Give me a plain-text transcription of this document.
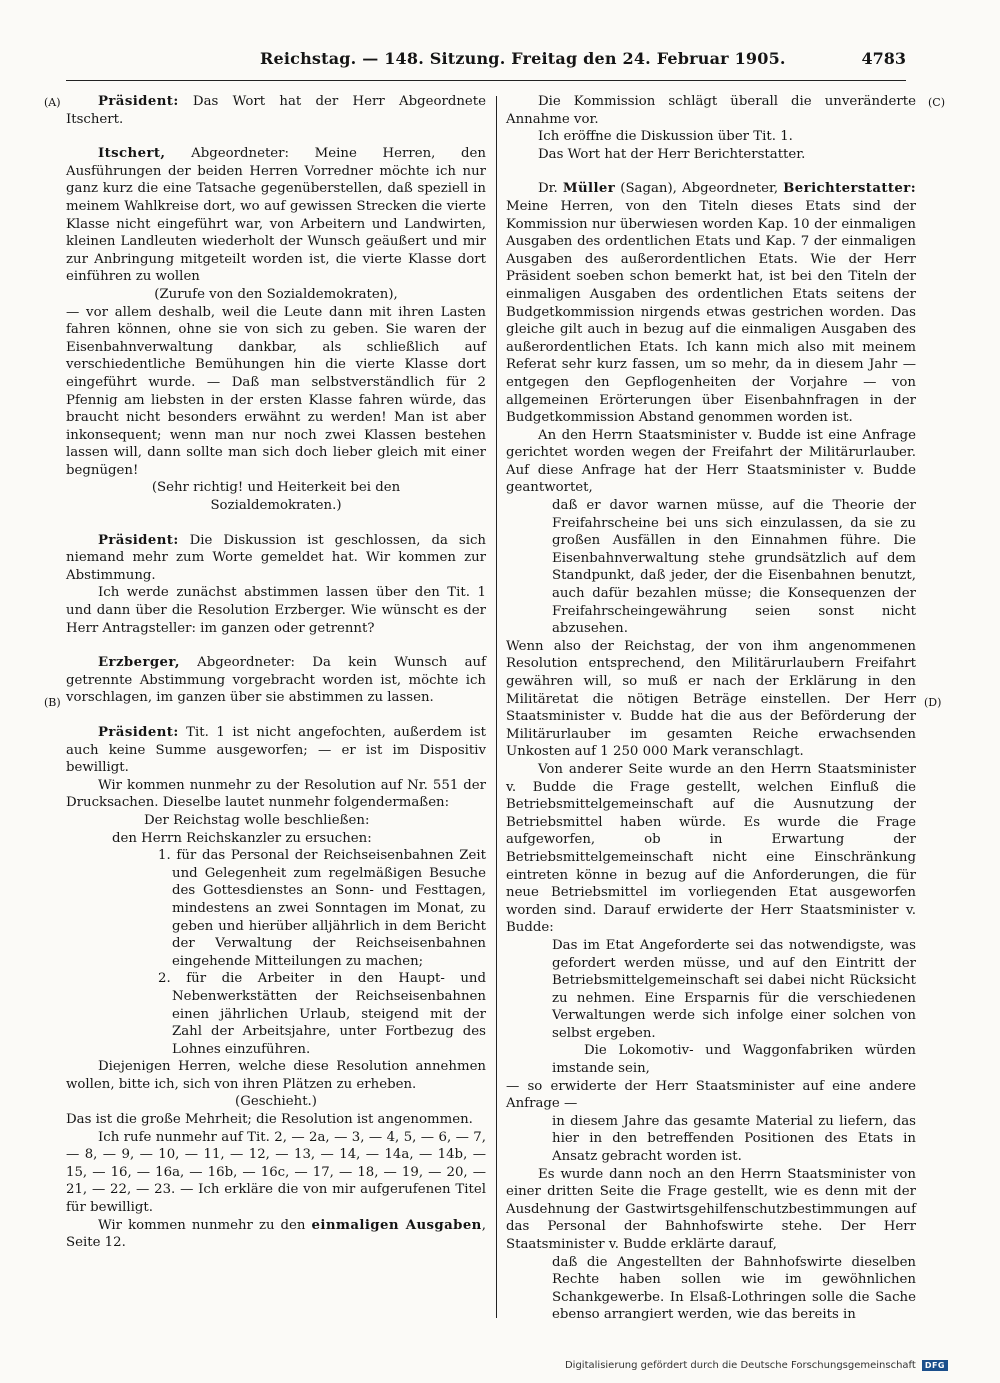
Reichstag. — 148. Sitzung. Freitag den 24. Februar 1905.	4783
(A)
(B)
(C)
(D)

Präsident: Das Wort hat der Herr Abgeordnete Itschert.

Itschert, Abgeordneter: Meine Herren, den Ausführungen der beiden Herren Vorredner möchte ich nur ganz kurz die eine Tatsache gegenüberstellen, daß speziell in meinem Wahlkreise dort, wo auf gewissen Strecken die vierte Klasse nicht eingeführt war, von Arbeitern und Landwirten, kleinen Landleuten wiederholt der Wunsch geäußert und mir zur Anbringung mitgeteilt worden ist, die vierte Klasse dort einführen zu wollen

(Zurufe von den Sozialdemokraten),

— vor allem deshalb, weil die Leute dann mit ihren Lasten fahren können, ohne sie von sich zu geben. Sie waren der Eisenbahnverwaltung dankbar, als schließlich auf verschiedentliche Bemühungen hin die vierte Klasse dort eingeführt wurde. — Daß man selbstverständlich für 2 Pfennig am liebsten in der ersten Klasse fahren würde, das braucht nicht besonders erwähnt zu werden! Man ist aber inkonsequent; wenn man nur noch zwei Klassen bestehen lassen will, dann sollte man sich doch lieber gleich mit einer begnügen!

(Sehr richtig! und Heiterkeit bei den Sozialdemokraten.)

Präsident: Die Diskussion ist geschlossen, da sich niemand mehr zum Worte gemeldet hat. Wir kommen zur Abstimmung.

Ich werde zunächst abstimmen lassen über den Tit. 1 und dann über die Resolution Erzberger. Wie wünscht es der Herr Antragsteller: im ganzen oder getrennt?

Erzberger, Abgeordneter: Da kein Wunsch auf getrennte Abstimmung vorgebracht worden ist, möchte ich vorschlagen, im ganzen über sie abstimmen zu lassen.

Präsident: Tit. 1 ist nicht angefochten, außerdem ist auch keine Summe ausgeworfen; — er ist im Dispositiv bewilligt.

Wir kommen nunmehr zu der Resolution auf Nr. 551 der Drucksachen. Dieselbe lautet nunmehr folgendermaßen:

Der Reichstag wolle beschließen:

den Herrn Reichskanzler zu ersuchen:

1. für das Personal der Reichseisenbahnen Zeit und Gelegenheit zum regelmäßigen Besuche des Gottesdienstes an Sonn- und Festtagen, mindestens an zwei Sonntagen im Monat, zu geben und hierüber alljährlich in dem Bericht der Verwaltung der Reichseisenbahnen eingehende Mitteilungen zu machen;

2. für die Arbeiter in den Haupt- und Nebenwerkstätten der Reichseisenbahnen einen jährlichen Urlaub, steigend mit der Zahl der Arbeitsjahre, unter Fortbezug des Lohnes einzuführen.

Diejenigen Herren, welche diese Resolution annehmen wollen, bitte ich, sich von ihren Plätzen zu erheben.

(Geschieht.)

Das ist die große Mehrheit; die Resolution ist angenommen.

Ich rufe nunmehr auf Tit. 2, — 2a, — 3, — 4, 5, — 6, — 7, — 8, — 9, — 10, — 11, — 12, — 13, — 14, — 14a, — 14b, — 15, — 16, — 16a, — 16b, — 16c, — 17, — 18, — 19, — 20, — 21, — 22, — 23. — Ich erkläre die von mir aufgerufenen Titel für bewilligt.

Wir kommen nunmehr zu den einmaligen Ausgaben, Seite 12.

Die Kommission schlägt überall die unveränderte Annahme vor.

Ich eröffne die Diskussion über Tit. 1.

Das Wort hat der Herr Berichterstatter.

Dr. Müller (Sagan), Abgeordneter, Berichterstatter: Meine Herren, von den Titeln dieses Etats sind der Kommission nur überwiesen worden Kap. 10 der einmaligen Ausgaben des ordentlichen Etats und Kap. 7 der einmaligen Ausgaben des außerordentlichen Etats. Wie der Herr Präsident soeben schon bemerkt hat, ist bei den Titeln der einmaligen Ausgaben des ordentlichen Etats seitens der Budgetkommission nirgends etwas gestrichen worden. Das gleiche gilt auch in bezug auf die einmaligen Ausgaben des außerordentlichen Etats. Ich kann mich also mit meinem Referat sehr kurz fassen, um so mehr, da in diesem Jahr — entgegen den Gepflogenheiten der Vorjahre — von allgemeinen Erörterungen über Eisenbahnfragen in der Budgetkommission Abstand genommen worden ist.

An den Herrn Staatsminister v. Budde ist eine Anfrage gerichtet worden wegen der Freifahrt der Militärurlauber. Auf diese Anfrage hat der Herr Staatsminister v. Budde geantwortet,

daß er davor warnen müsse, auf die Theorie der Freifahrscheine bei uns sich einzulassen, da sie zu großen Ausfällen in den Einnahmen führe. Die Eisenbahnverwaltung stehe grundsätzlich auf dem Standpunkt, daß jeder, der die Eisenbahnen benutzt, auch dafür bezahlen müsse; die Konsequenzen der Freifahrscheingewährung seien sonst nicht abzusehen.

Wenn also der Reichstag, der von ihm angenommenen Resolution entsprechend, den Militärurlaubern Freifahrt gewähren will, so muß er nach der Erklärung in den Militäretat die nötigen Beträge einstellen. Der Herr Staatsminister v. Budde hat die aus der Beförderung der Militärurlauber im gesamten Reiche erwachsenden Unkosten auf 1 250 000 Mark veranschlagt.

Von anderer Seite wurde an den Herrn Staatsminister v. Budde die Frage gestellt, welchen Einfluß die Betriebsmittelgemeinschaft auf die Ausnutzung der Betriebsmittel haben würde. Es wurde die Frage aufgeworfen, ob in Erwartung der Betriebsmittelgemeinschaft nicht eine Einschränkung eintreten könne in bezug auf die Anforderungen, die für neue Betriebsmittel im vorliegenden Etat ausgeworfen worden sind. Darauf erwiderte der Herr Staatsminister v. Budde:

Das im Etat Angeforderte sei das notwendigste, was gefordert werden müsse, und auf den Eintritt der Betriebsmittelgemeinschaft sei dabei nicht Rücksicht zu nehmen. Eine Ersparnis für die verschiedenen Verwaltungen werde sich infolge einer solchen von selbst ergeben.

Die Lokomotiv- und Waggonfabriken würden imstande sein,

— so erwiderte der Herr Staatsminister auf eine andere Anfrage —

in diesem Jahre das gesamte Material zu liefern, das hier in den betreffenden Positionen des Etats in Ansatz gebracht worden ist.

Es wurde dann noch an den Herrn Staatsminister von einer dritten Seite die Frage gestellt, wie es denn mit der Ausdehnung der Gastwirtsgehilfenschutzbestimmungen auf das Personal der Bahnhofswirte stehe. Der Herr Staatsminister v. Budde erklärte darauf,

daß die Angestellten der Bahnhofswirte dieselben Rechte haben sollen wie im gewöhnlichen Schankgewerbe. In Elsaß-Lothringen solle die Sache ebenso arrangiert werden, wie das bereits in

Digitalisierung gefördert durch die Deutsche Forschungsgemeinschaft	DFG
